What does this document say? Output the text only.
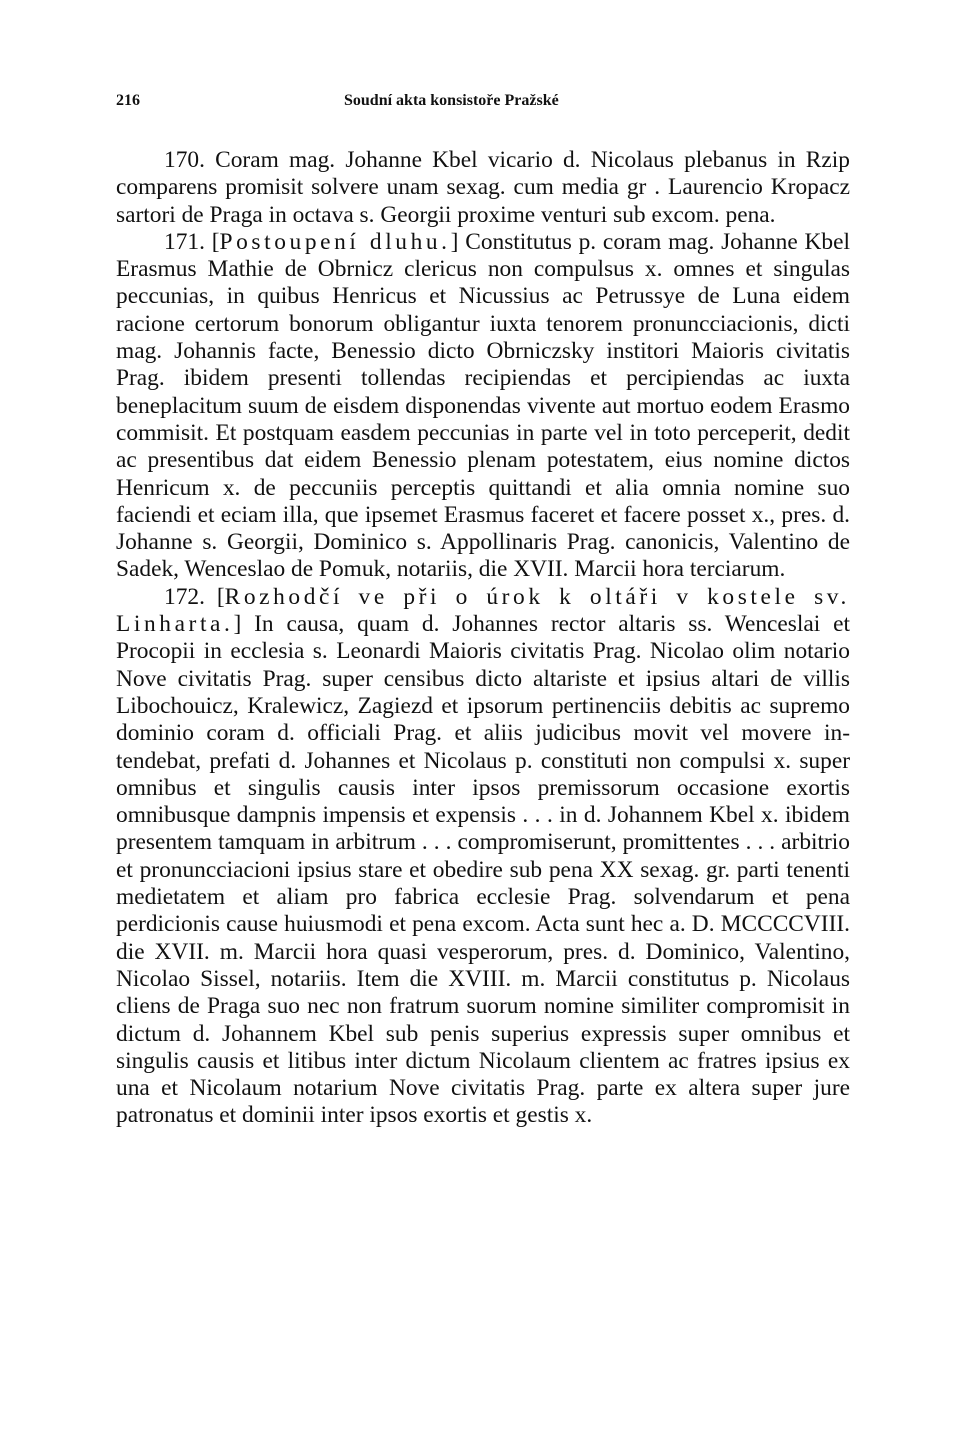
216	Soudní akta konsistoře Pražské

170. Coram mag. Johanne Kbel vicario d. Nicolaus plebanus in Rzip comparens promisit solvere unam sexag. cum media gr . Laurencio Kropacz sartori de Praga in octava s. Georgii proxime venturi sub excom. pena.

171. [Postoupení dluhu.] Constitutus p. coram mag. Johanne Kbel Erasmus Mathie de Obrnicz clericus non compulsus x. omnes et singulas peccunias, in quibus Henricus et Nicussius ac Petrussye de Luna eidem racione certorum bonorum obligantur iuxta tenorem pronuncciacionis, dicti mag. Johannis facte, Benessio dicto Obrniczsky institori Maioris civitatis Prag. ibidem presenti tollendas recipiendas et percipiendas ac iuxta beneplacitum suum de eisdem disponendas vivente aut mortuo eodem Erasmo commisit. Et postquam easdem peccunias in parte vel in toto perceperit, dedit ac presentibus dat eidem Benessio plenam potestatem, eius nomine dictos Henricum x. de peccuniis perceptis quittandi et alia omnia nomine suo faciendi et eciam illa, que ipsemet Erasmus faceret et facere posset x., pres. d. Johanne s. Georgii, Dominico s. Appollinaris Prag. canonicis, Valentino de Sadek, Wenceslao de Pomuk, notariis, die XVII. Marcii hora terciarum.

172. [Rozhodčí ve při o úrok k oltáři v kostele sv. Linharta.] In causa, quam d. Johannes rector altaris ss. Wenceslai et Procopii in ecclesia s. Leonardi Maioris civitatis Prag. Nicolao olim notario Nove civitatis Prag. super censibus dicto altariste et ipsius altari de villis Libochouicz, Kralewicz, Zagiezd et ipsorum pertinenciis debitis ac supremo dominio coram d. officiali Prag. et aliis judicibus movit vel movere intendebat, prefati d. Johannes et Nicolaus p. constituti non compulsi x. super omnibus et singulis causis inter ipsos premissorum occasione exortis omnibusque dampnis impensis et expensis . . . in d. Johannem Kbel x. ibidem presentem tamquam in arbitrum . . . compromiserunt, promittentes . . . arbitrio et pronuncciacioni ipsius stare et obedire sub pena XX sexag. gr. parti tenenti medietatem et aliam pro fabrica ecclesie Prag. solvendarum et pena perdicionis cause huiusmodi et pena excom. Acta sunt hec a. D. MCCCCVIII. die XVII. m. Marcii hora quasi vesperorum, pres. d. Dominico, Valentino, Nicolao Sissel, notariis. Item die XVIII. m. Marcii constitutus p. Nicolaus cliens de Praga suo nec non fratrum suorum nomine similiter compromisit in dictum d. Johannem Kbel sub penis superius expressis super omnibus et singulis causis et litibus inter dictum Nicolaum clientem ac fratres ipsius ex una et Nicolaum notarium Nove civitatis Prag. parte ex altera super jure patronatus et dominii inter ipsos exortis et gestis x.
